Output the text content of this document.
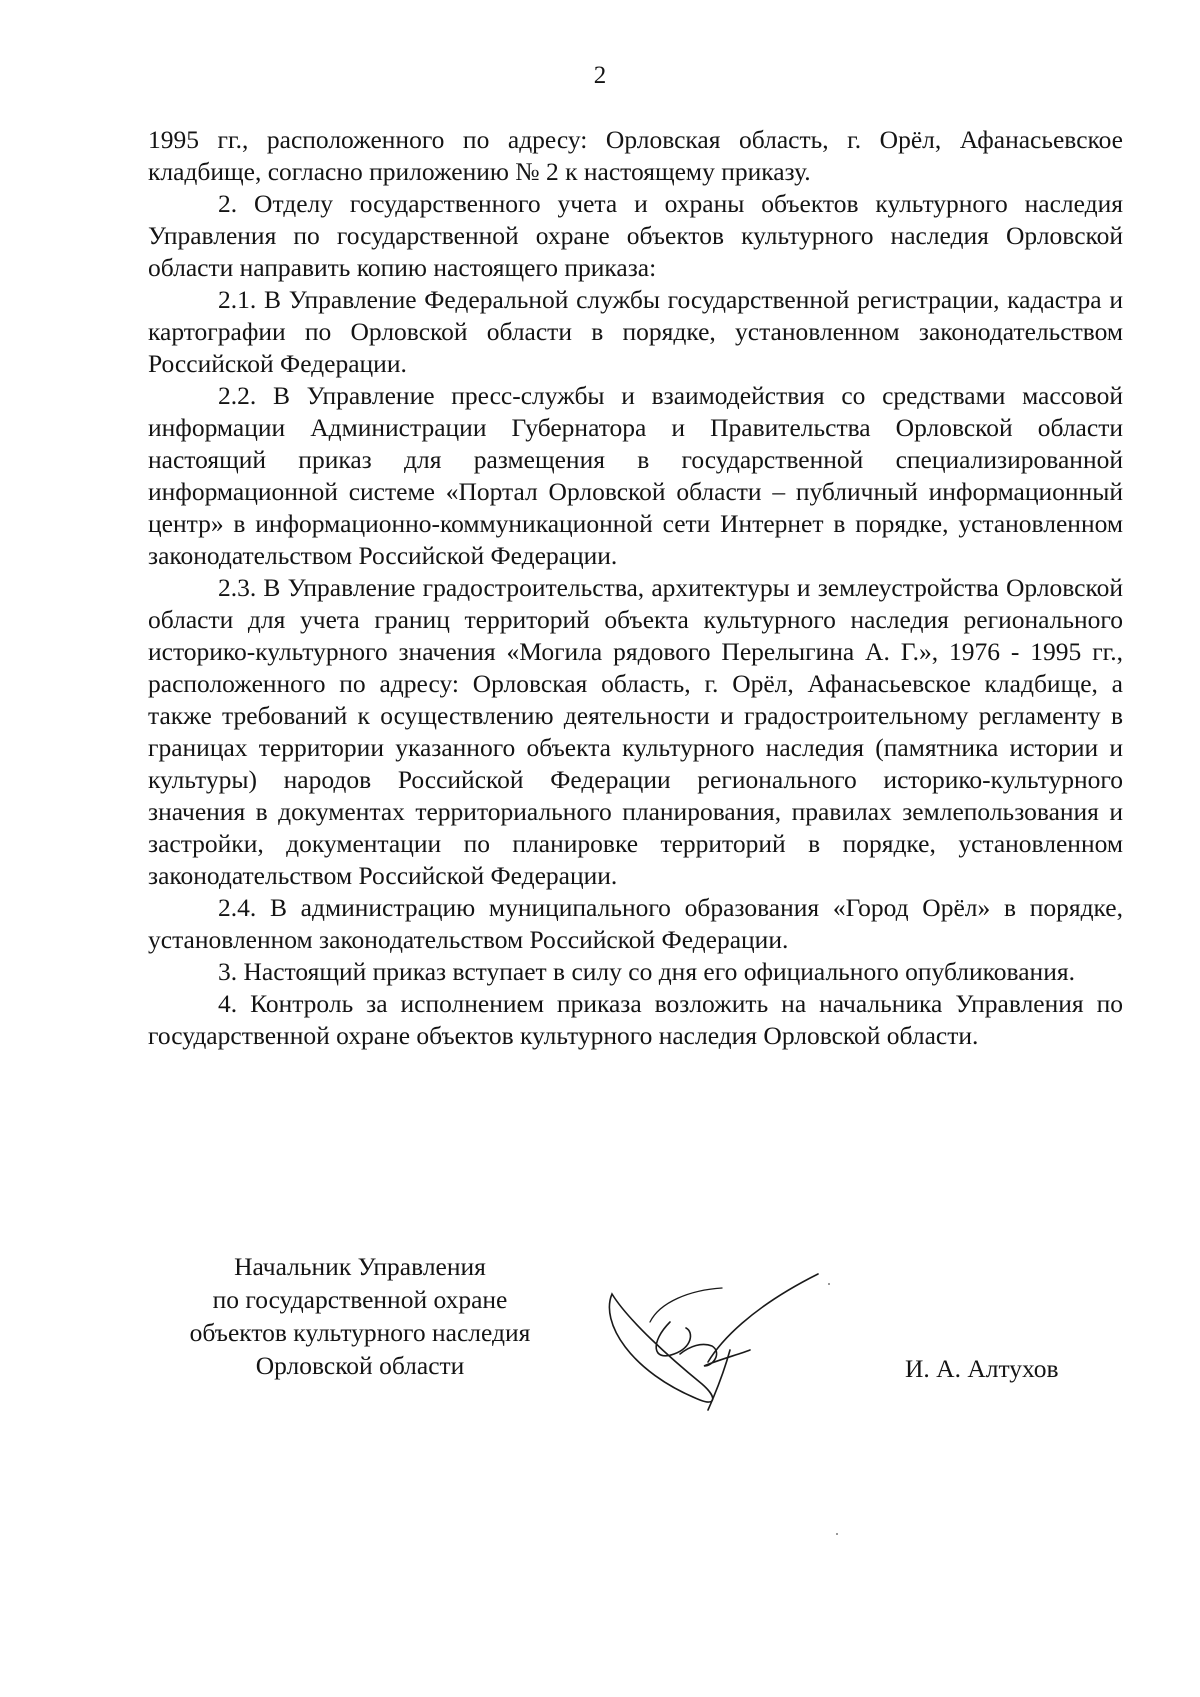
2

1995 гг., расположенного по адресу: Орловская область, г. Орёл, Афанасьевское кладбище, согласно приложению № 2 к настоящему приказу.

2. Отделу государственного учета и охраны объектов культурного наследия Управления по государственной охране объектов культурного наследия Орловской области направить копию настоящего приказа:

2.1. В Управление Федеральной службы государственной регистрации, кадастра и картографии по Орловской области в порядке, установленном законодательством Российской Федерации.

2.2. В Управление пресс-службы и взаимодействия со средствами массовой информации Администрации Губернатора и Правительства Орловской области настоящий приказ для размещения в государственной специализированной информационной системе «Портал Орловской области – публичный информационный центр» в информационно-коммуникационной сети Интернет в порядке, установленном законодательством Российской Федерации.

2.3. В Управление градостроительства, архитектуры и землеустройства Орловской области для учета границ территорий объекта культурного наследия регионального историко-культурного значения «Могила рядового Перелыгина А. Г.», 1976 - 1995 гг., расположенного по адресу: Орловская область, г. Орёл, Афанасьевское кладбище, а также требований к осуществлению деятельности и градостроительному регламенту в границах территории указанного объекта культурного наследия (памятника истории и культуры) народов Российской Федерации регионального историко-культурного значения в документах территориального планирования, правилах землепользования и застройки, документации по планировке территорий в порядке, установленном законодательством Российской Федерации.

2.4. В администрацию муниципального образования «Город Орёл» в порядке, установленном законодательством Российской Федерации.

3. Настоящий приказ вступает в силу со дня его официального опубликования.

4. Контроль за исполнением приказа возложить на начальника Управления по государственной охране объектов культурного наследия Орловской области.

Начальник Управления
по государственной охране
объектов культурного наследия
Орловской области	И. А. Алтухов
